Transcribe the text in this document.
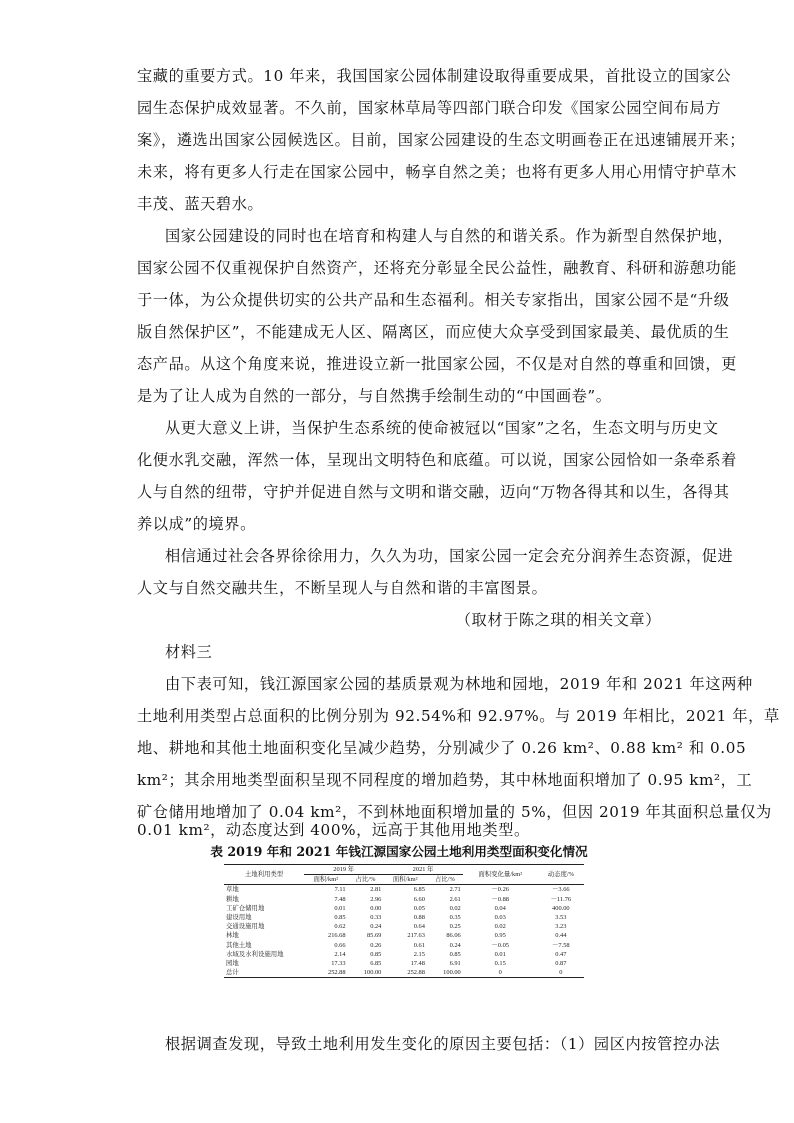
宝藏的重要方式。10 年来，我国国家公园体制建设取得重要成果，首批设立的国家公
园生态保护成效显著。不久前，国家林草局等四部门联合印发《国家公园空间布局方
案》，遴选出国家公园候选区。目前，国家公园建设的生态文明画卷正在迅速铺展开来；
未来，将有更多人行走在国家公园中，畅享自然之美；也将有更多人用心用情守护草木
丰茂、蓝天碧水。
国家公园建设的同时也在培育和构建人与自然的和谐关系。作为新型自然保护地，
国家公园不仅重视保护自然资产，还将充分彰显全民公益性，融教育、科研和游憩功能
于一体，为公众提供切实的公共产品和生态福利。相关专家指出，国家公园不是“升级
版自然保护区”，不能建成无人区、隔离区，而应使大众享受到国家最美、最优质的生
态产品。从这个角度来说，推进设立新一批国家公园，不仅是对自然的尊重和回馈，更
是为了让人成为自然的一部分，与自然携手绘制生动的“中国画卷”。
从更大意义上讲，当保护生态系统的使命被冠以“国家”之名，生态文明与历史文
化便水乳交融，浑然一体，呈现出文明特色和底蕴。可以说，国家公园恰如一条牵系着
人与自然的纽带，守护并促进自然与文明和谐交融，迈向“万物各得其和以生，各得其
养以成”的境界。
相信通过社会各界徐徐用力，久久为功，国家公园一定会充分润养生态资源，促进
人文与自然交融共生，不断呈现人与自然和谐的丰富图景。
（取材于陈之琪的相关文章）
材料三
由下表可知，钱江源国家公园的基质景观为林地和园地，2019 年和 2021 年这两种
土地利用类型占总面积的比例分别为 92.54%和 92.97%。与 2019 年相比，2021 年，草
地、耕地和其他土地面积变化呈减少趋势，分别减少了 0.26 km²、0.88 km² 和 0.05
km²；其余用地类型面积呈现不同程度的增加趋势，其中林地面积增加了 0.95 km²，工
矿仓储用地增加了 0.04 km²，不到林地面积增加量的 5%，但因 2019 年其面积总量仅为
0.01 km²，动态度达到 400%，远高于其他用地类型。
表 2019 年和 2021 年钱江源国家公园土地利用类型面积变化情况
土地利用类型	2019 年		2021 年		面积变化量/km²	动态度/%
	面积/km²	占比/%	面积/km²	占比/%		
草地	7.11	2.81	6.85	2.71	－0.26	－3.66
耕地	7.48	2.96	6.60	2.61	－0.88	－11.76
工矿仓储用地	0.01	0.00	0.05	0.02	0.04	400.00
建设用地	0.85	0.33	0.88	0.35	0.03	3.53
交通设施用地	0.62	0.24	0.64	0.25	0.02	3.23
林地	216.68	85.69	217.63	86.06	0.95	0.44
其他土地	0.66	0.26	0.61	0.24	－0.05	－7.58
水域及水利设施用地	2.14	0.85	2.15	0.85	0.01	0.47
园地	17.33	6.85	17.48	6.91	0.15	0.87
总计	252.88	100.00	252.88	100.00	0	0
根据调查发现，导致土地利用发生变化的原因主要包括：（1）园区内按管控办法
